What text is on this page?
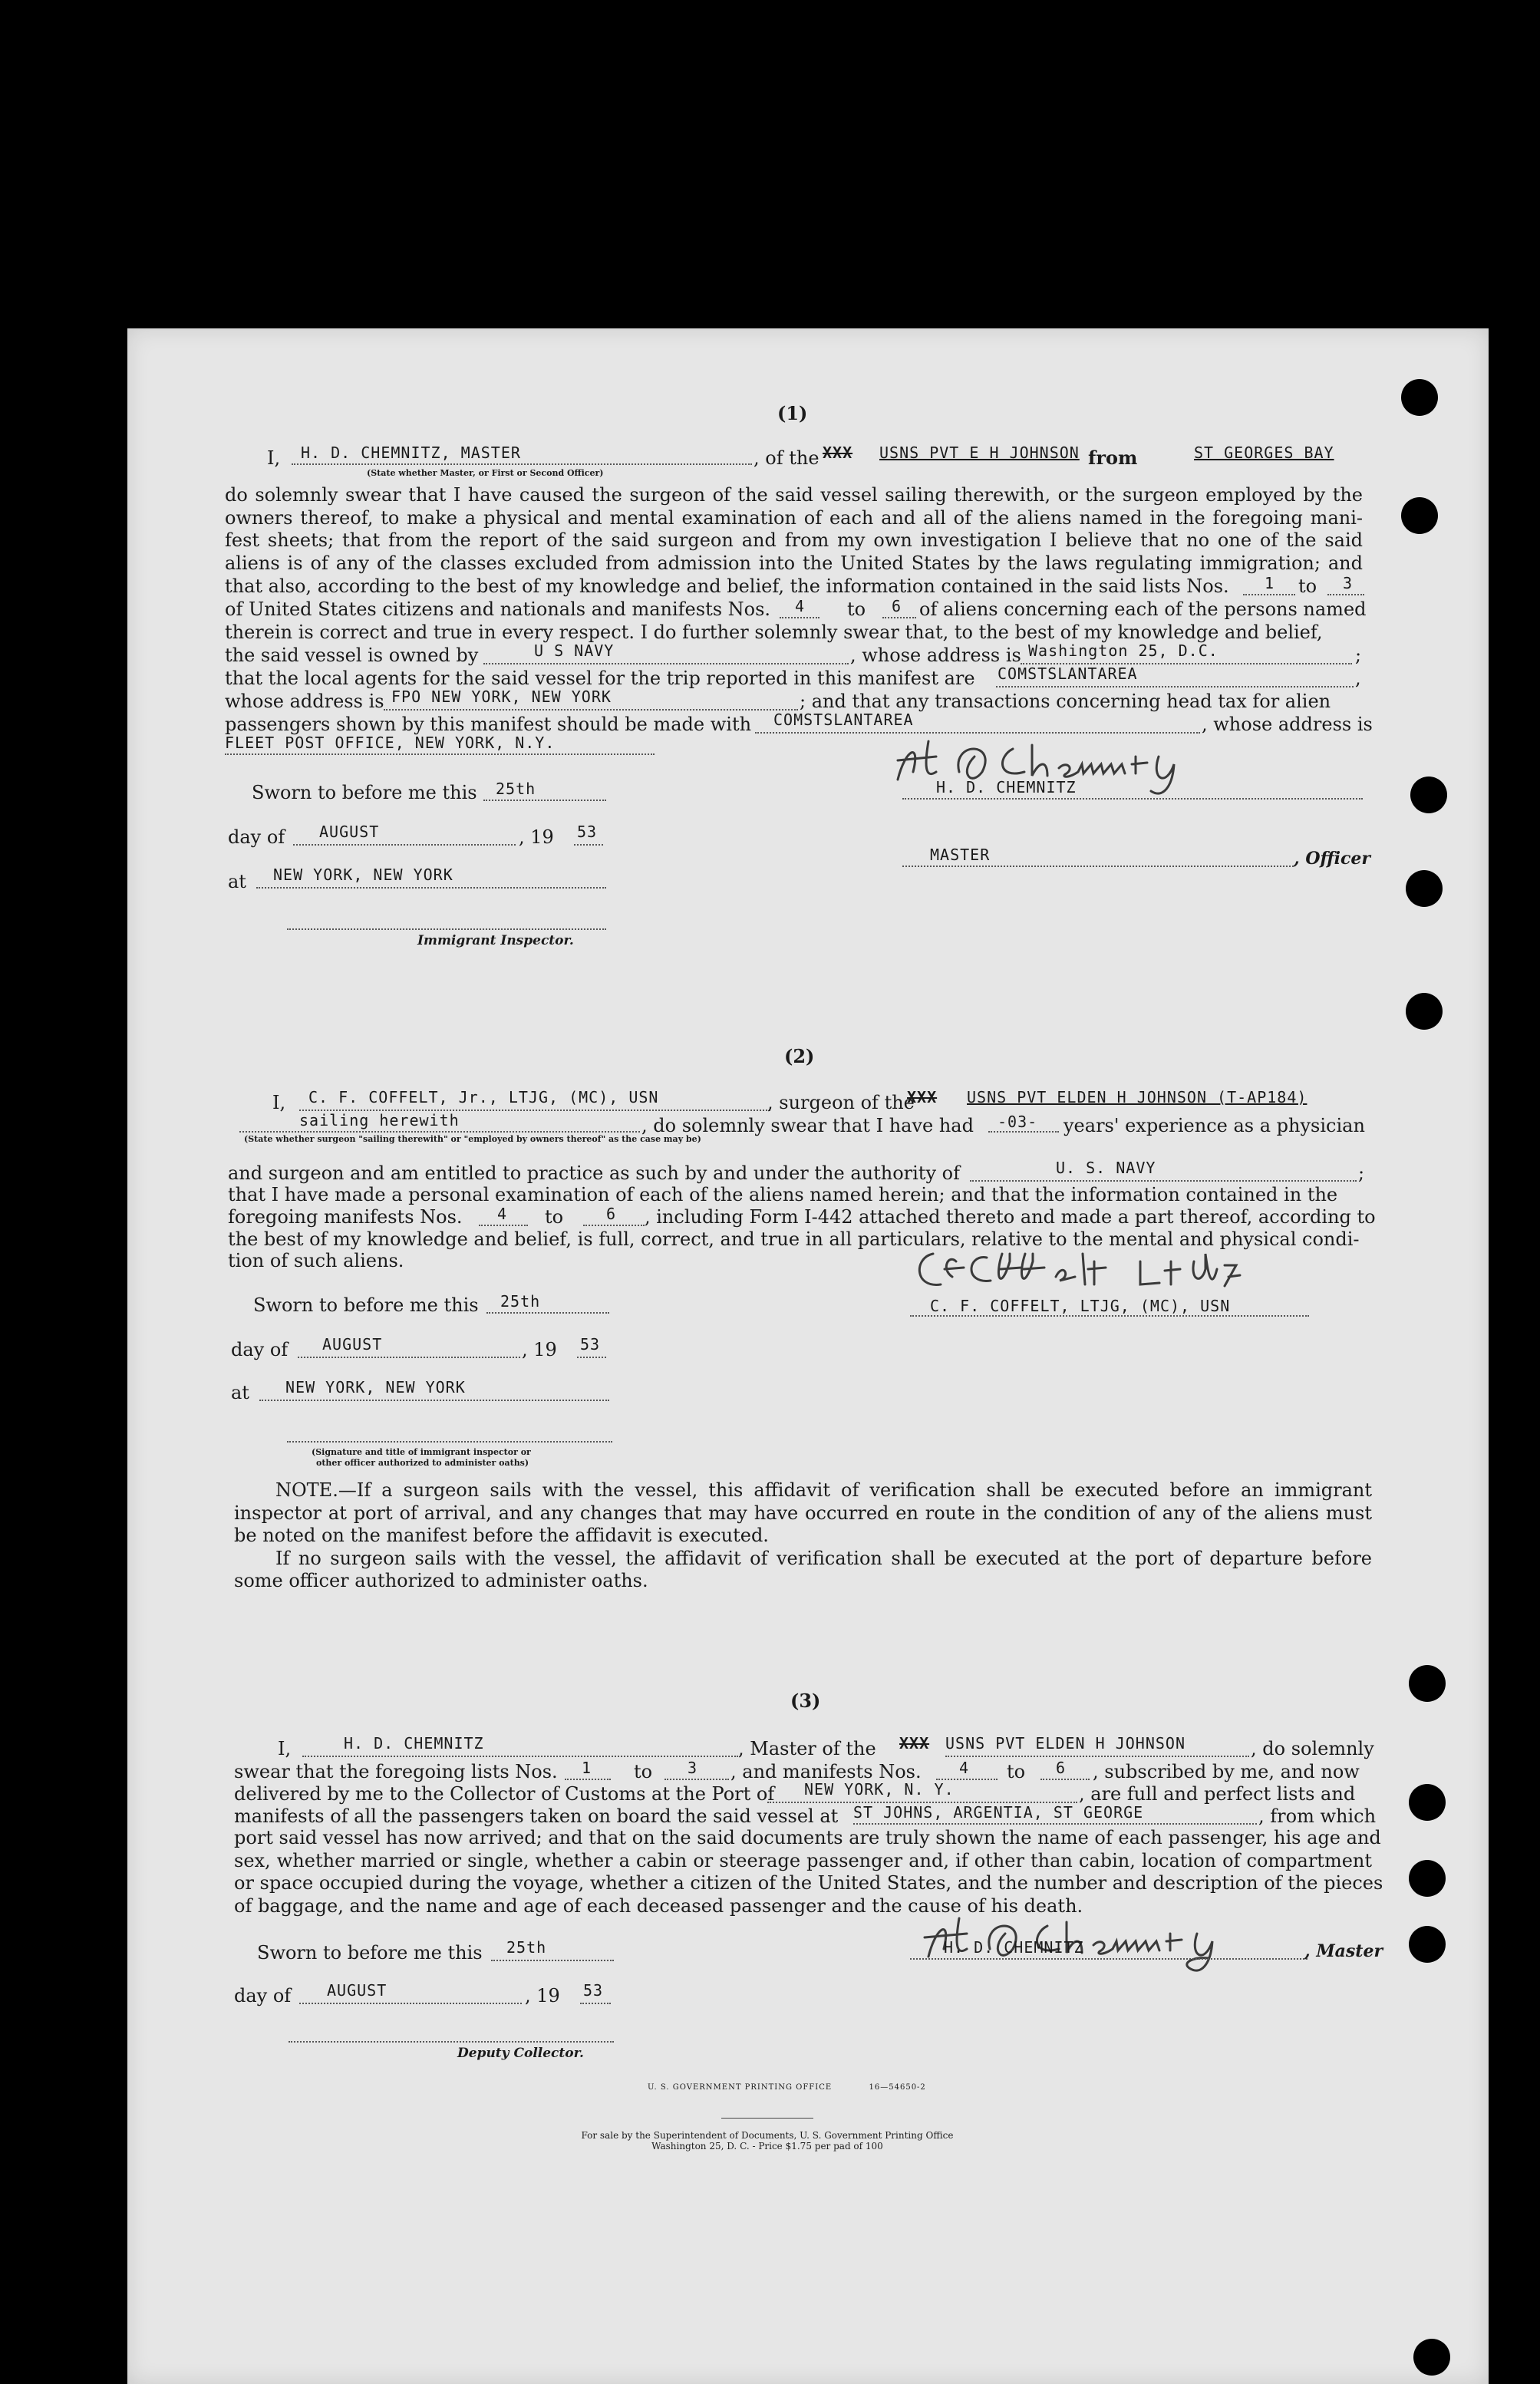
(1)
I, H. D. CHEMNITZ, MASTER	, of the XXX USNS PVT E H JOHNSON from	ST GEORGES BAY
(State whether Master, or First or Second Officer)
do solemnly swear that I have caused the surgeon of the said vessel sailing therewith, or the surgeon employed by the
owners thereof, to make a physical and mental examination of each and all of the aliens named in the foregoing mani-
fest sheets; that from the report of the said surgeon and from my own investigation I believe that no one of the said
aliens is of any of the classes excluded from admission into the United States by the laws regulating immigration; and
that also, according to the best of my knowledge and belief, the information contained in the said lists Nos. 1 to 3
of United States citizens and nationals and manifests Nos. 4 to 6 of aliens concerning each of the persons named
therein is correct and true in every respect. I do further solemnly swear that, to the best of my knowledge and belief,
the said vessel is owned by	U S NAVY	, whose address is Washington 25, D.C.	;
that the local agents for the said vessel for the trip reported in this manifest are COMSTSLANTAREA	,
whose address is FPO NEW YORK, NEW YORK	; and that any transactions concerning head tax for alien
passengers shown by this manifest should be made with COMSTSLANTAREA	, whose address is
FLEET POST OFFICE, NEW YORK, N.Y.
H. D. CHEMNITZ
Sworn to before me this 25th
day of AUGUST	, 19 53
at NEW YORK, NEW YORK
Immigrant Inspector.
MASTER	, Officer
(2)
I, C. F. COFFELT, Jr., LTJG, (MC), USN	, surgeon of the
XXX USNS PVT ELDEN H JOHNSON (T-AP184)
sailing herewith	, do solemnly swear that I have had -03- years' experience as a physician
(State whether surgeon "sailing therewith" or "employed by owners thereof" as the case may be)
and surgeon and am entitled to practice as such by and under the authority of	U. S. NAVY	;
that I have made a personal examination of each of the aliens named herein; and that the information contained in the
foregoing manifests Nos. 4 to	6 , including Form I-442 attached thereto and made a part thereof, according to
the best of my knowledge and belief, is full, correct, and true in all particulars, relative to the mental and physical condi-
tion of such aliens.
C. F. COFFELT, LTJG, (MC), USN
Sworn to before me this 25th
day of AUGUST	, 19 53
at NEW YORK, NEW YORK
(Signature and title of immigrant inspector or
other officer authorized to administer oaths)
NOTE.—If a surgeon sails with the vessel, this affidavit of verification shall be executed before an immigrant
inspector at port of arrival, and any changes that may have occurred en route in the condition of any of the aliens must
be noted on the manifest before the affidavit is executed.
If no surgeon sails with the vessel, the affidavit of verification shall be executed at the port of departure before
some officer authorized to administer oaths.
(3)
I,	H. D. CHEMNITZ	, Master of the XXX USNS PVT ELDEN H JOHNSON	, do solemnly
swear that the foregoing lists Nos. 1 to 3 , and manifests Nos. 4 to 6 , subscribed by me, and now
delivered by me to the Collector of Customs at the Port of NEW YORK, N. Y.	, are full and perfect lists and
manifests of all the passengers taken on board the said vessel at ST JOHNS, ARGENTIA, ST GEORGE	, from which
port said vessel has now arrived; and that on the said documents are truly shown the name of each passenger, his age and
sex, whether married or single, whether a cabin or steerage passenger and, if other than cabin, location of compartment
or space occupied during the voyage, whether a citizen of the United States, and the number and description of the pieces
of baggage, and the name and age of each deceased passenger and the cause of his death.
H. D. CHEMNITZ	, Master
Sworn to before me this 25th
day of AUGUST	, 19 53
Deputy Collector.
U. S. GOVERNMENT PRINTING OFFICE	16—54650-2
For sale by the Superintendent of Documents, U. S. Government Printing Office
Washington 25, D. C. - Price $1.75 per pad of 100
